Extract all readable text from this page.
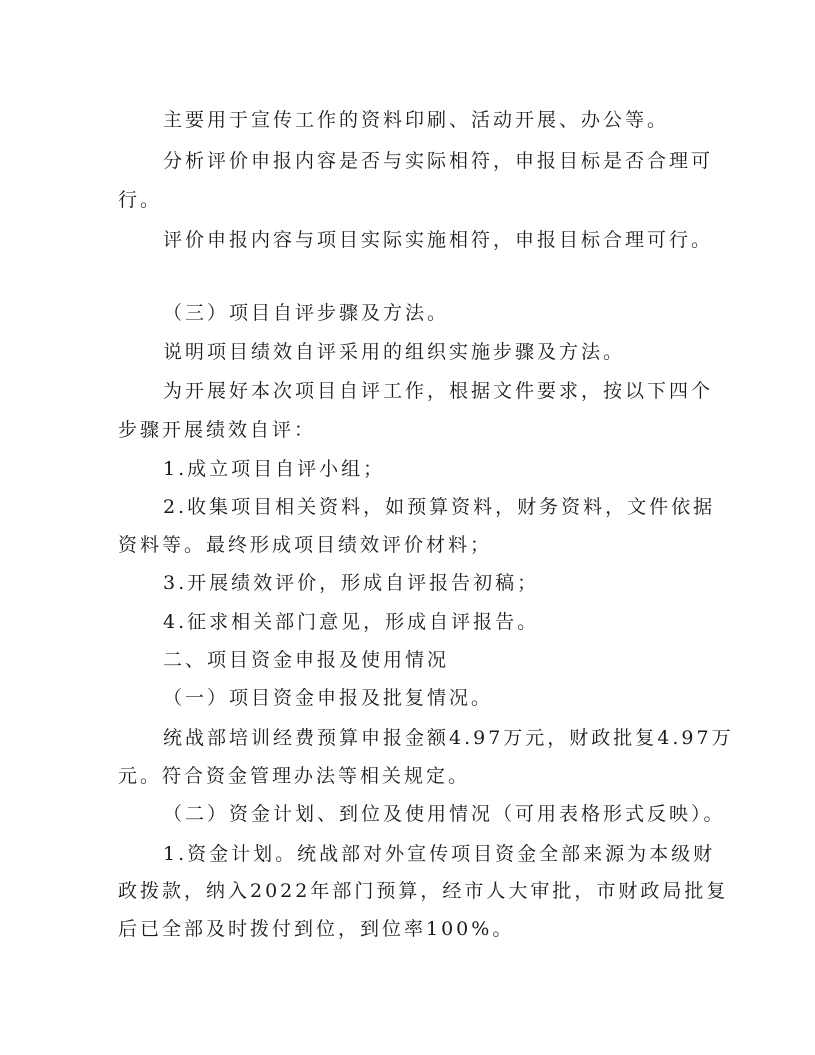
主要用于宣传工作的资料印刷、活动开展、办公等。
分析评价申报内容是否与实际相符，申报目标是否合理可
行。
评价申报内容与项目实际实施相符，申报目标合理可行。
（三）项目自评步骤及方法。
说明项目绩效自评采用的组织实施步骤及方法。
为开展好本次项目自评工作，根据文件要求，按以下四个
步骤开展绩效自评：
1.成立项目自评小组；
2.收集项目相关资料，如预算资料，财务资料，文件依据
资料等。最终形成项目绩效评价材料；
3.开展绩效评价，形成自评报告初稿；
4.征求相关部门意见，形成自评报告。
二、项目资金申报及使用情况
（一）项目资金申报及批复情况。
统战部培训经费预算申报金额4.97万元，财政批复4.97万
元。符合资金管理办法等相关规定。
（二）资金计划、到位及使用情况（可用表格形式反映）。
1.资金计划。统战部对外宣传项目资金全部来源为本级财
政拨款，纳入2022年部门预算，经市人大审批，市财政局批复
后已全部及时拨付到位，到位率100%。
